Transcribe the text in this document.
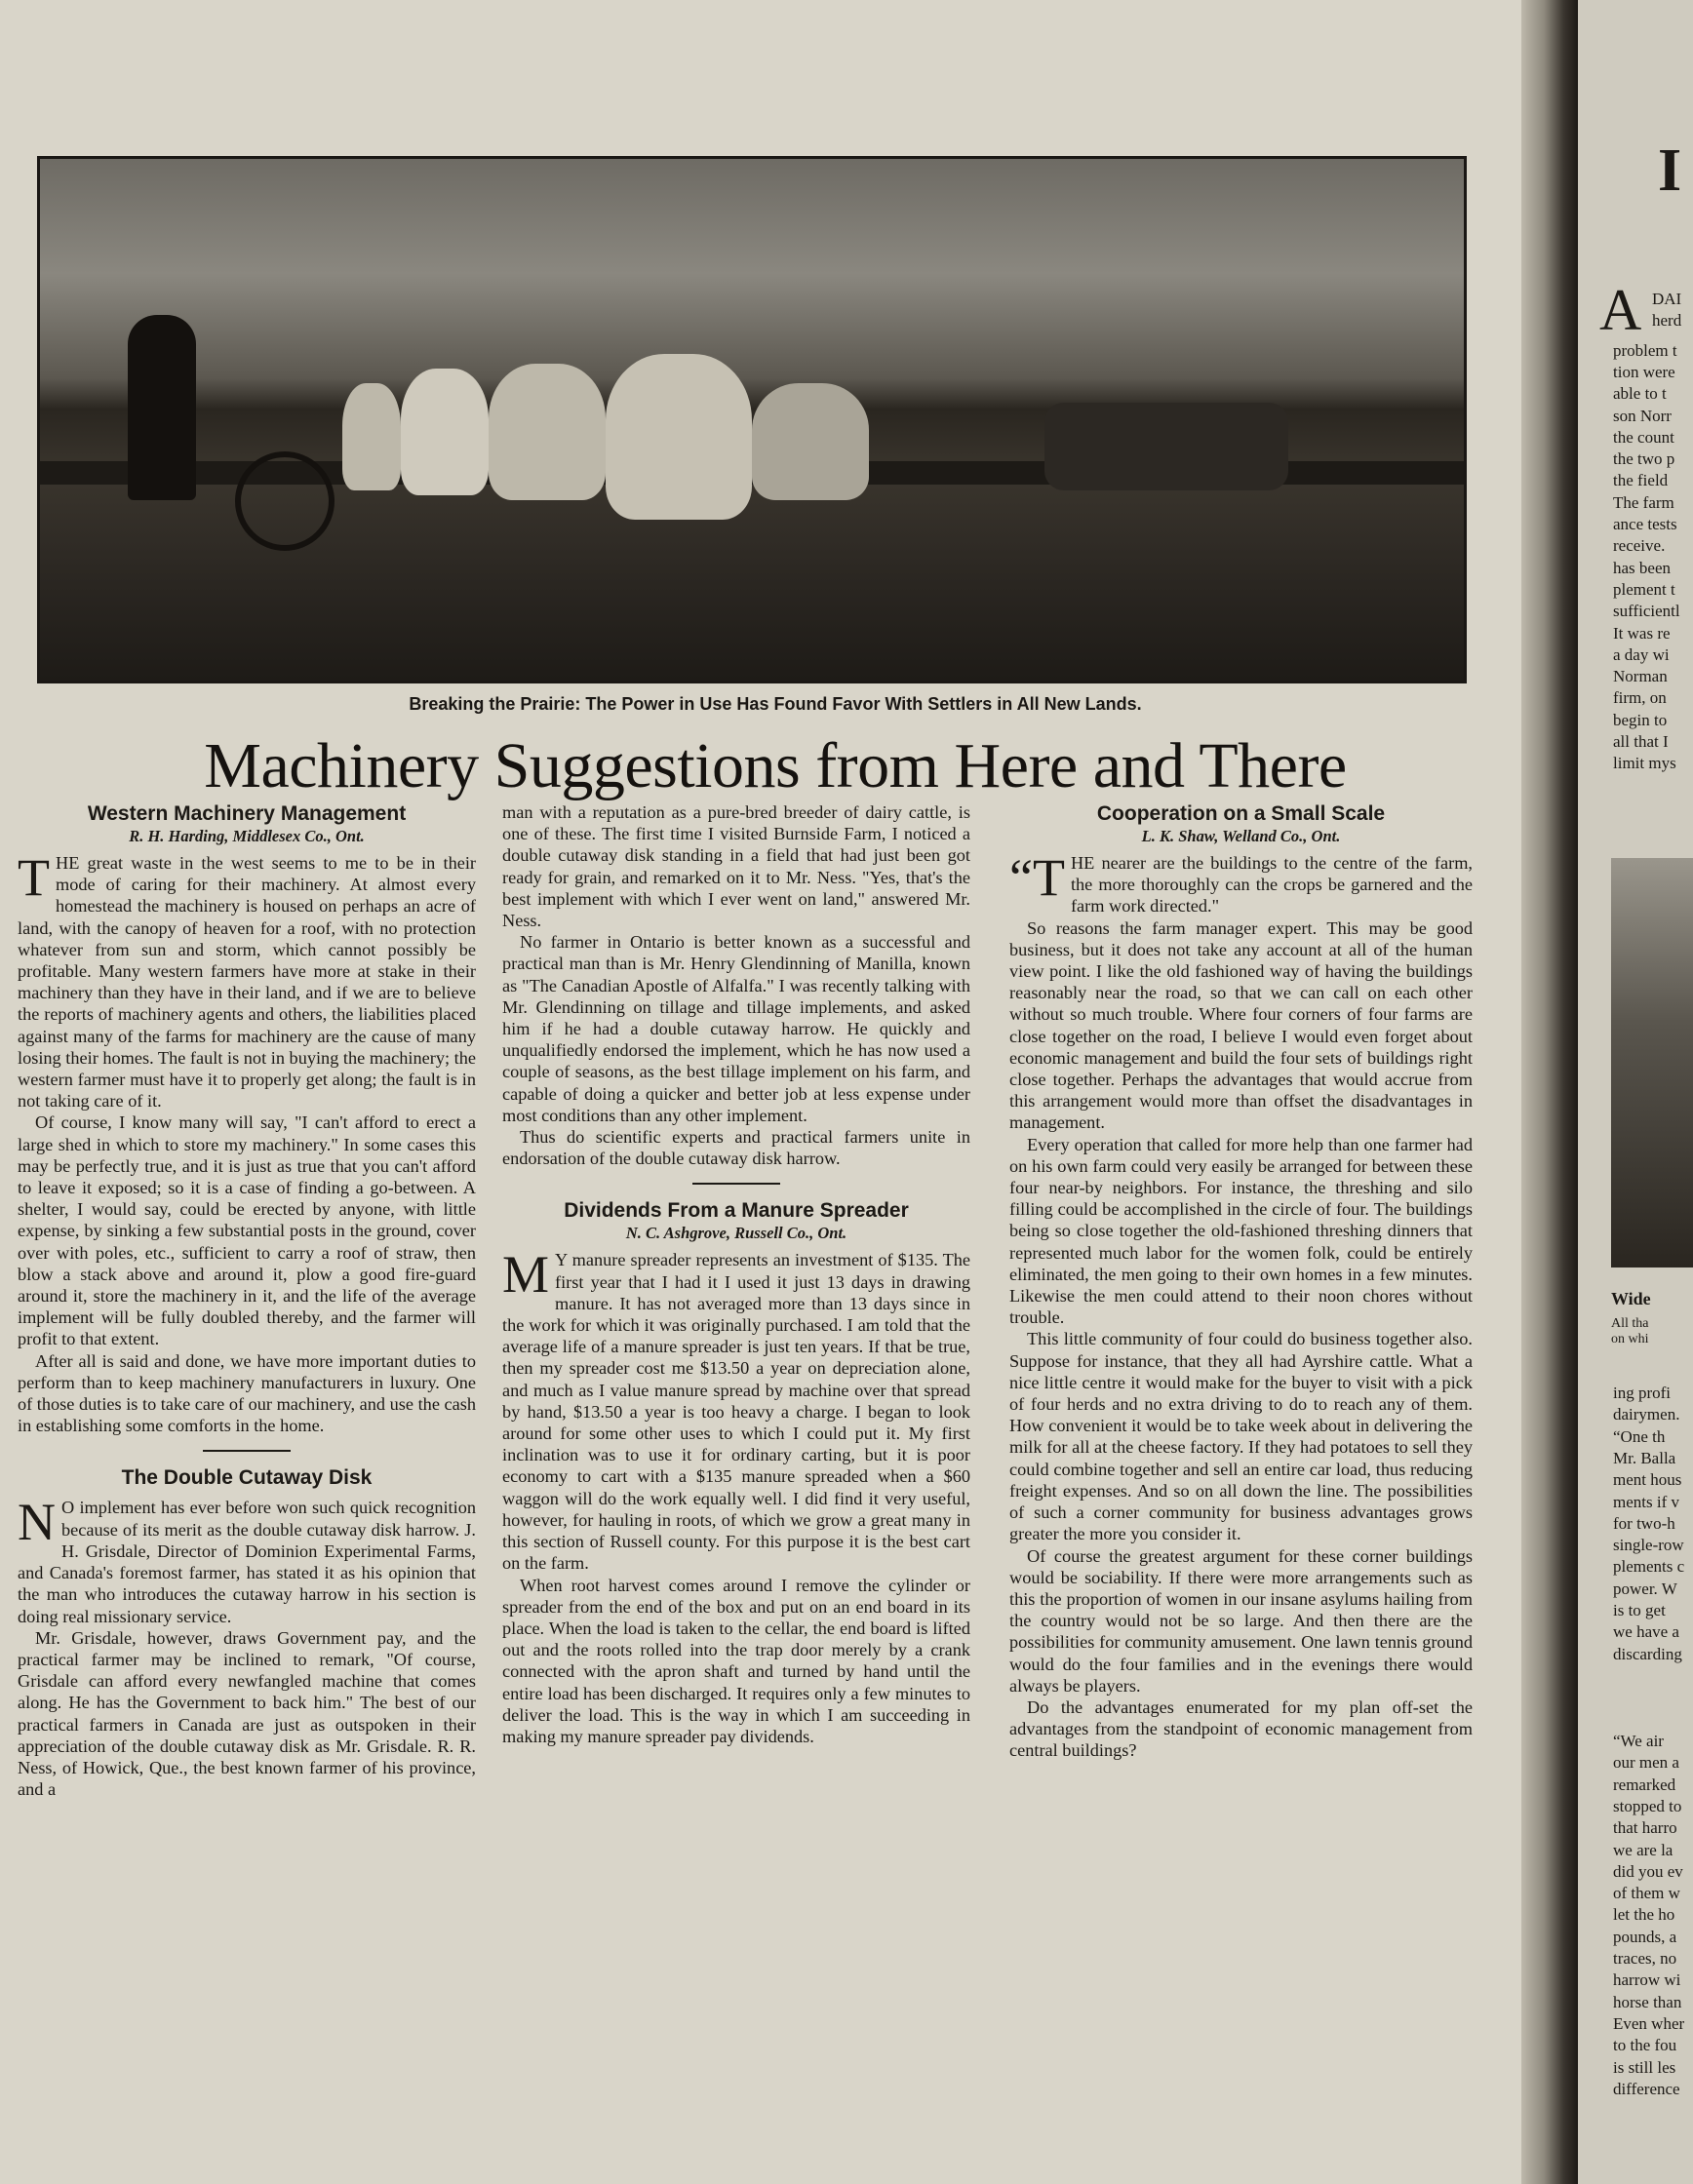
Breaking the Prairie: The Power in Use Has Found Favor With Settlers in All New Lands.
Machinery Suggestions from Here and There
Western Machinery Management
R. H. Harding, Middlesex Co., Ont.

THE great waste in the west seems to me to be in their mode of caring for their machinery. At almost every homestead the machinery is housed on perhaps an acre of land, with the canopy of heaven for a roof, with no protection whatever from sun and storm, which cannot possibly be profitable. Many western farmers have more at stake in their machinery than they have in their land, and if we are to believe the reports of machinery agents and others, the liabilities placed against many of the farms for machinery are the cause of many losing their homes. The fault is not in buying the machinery; the western farmer must have it to properly get along; the fault is in not taking care of it.

Of course, I know many will say, "I can't afford to erect a large shed in which to store my machinery." In some cases this may be perfectly true, and it is just as true that you can't afford to leave it exposed; so it is a case of finding a go-between. A shelter, I would say, could be erected by anyone, with little expense, by sinking a few substantial posts in the ground, cover over with poles, etc., sufficient to carry a roof of straw, then blow a stack above and around it, plow a good fire-guard around it, store the machinery in it, and the life of the average implement will be fully doubled thereby, and the farmer will profit to that extent.

After all is said and done, we have more important duties to perform than to keep machinery manufacturers in luxury. One of those duties is to take care of our machinery, and use the cash in establishing some comforts in the home.

The Double Cutaway Disk

N O implement has ever before won such quick recognition because of its merit as the double cutaway disk harrow. J. H. Grisdale, Director of Dominion Experimental Farms, and Canada's foremost farmer, has stated it as his opinion that the man who introduces the cutaway harrow in his section is doing real missionary service.

Mr. Grisdale, however, draws Government pay, and the practical farmer may be inclined to remark, "Of course, Grisdale can afford every newfangled machine that comes along. He has the Government to back him." The best of our practical farmers in Canada are just as outspoken in their appreciation of the double cutaway disk as Mr. Grisdale. R. R. Ness, of Howick, Que., the best known farmer of his province, and a

man with a reputation as a pure-bred breeder of dairy cattle, is one of these. The first time I visited Burnside Farm, I noticed a double cutaway disk standing in a field that had just been got ready for grain, and remarked on it to Mr. Ness. "Yes, that's the best implement with which I ever went on land," answered Mr. Ness.

No farmer in Ontario is better known as a successful and practical man than is Mr. Henry Glendinning of Manilla, known as "The Canadian Apostle of Alfalfa." I was recently talking with Mr. Glendinning on tillage and tillage implements, and asked him if he had a double cutaway harrow. He quickly and unqualifiedly endorsed the implement, which he has now used a couple of seasons, as the best tillage implement on his farm, and capable of doing a quicker and better job at less expense under most conditions than any other implement.

Thus do scientific experts and practical farmers unite in endorsation of the double cutaway disk harrow.

Dividends From a Manure Spreader
N. C. Ashgrove, Russell Co., Ont.

M Y manure spreader represents an investment of $135. The first year that I had it I used it just 13 days in drawing manure. It has not averaged more than 13 days since in the work for which it was originally purchased. I am told that the average life of a manure spreader is just ten years. If that be true, then my spreader cost me $13.50 a year on depreciation alone, and much as I value manure spread by machine over that spread by hand, $13.50 a year is too heavy a charge. I began to look around for some other uses to which I could put it. My first inclination was to use it for ordinary carting, but it is poor economy to cart with a $135 manure spreaded when a $60 waggon will do the work equally well. I did find it very useful, however, for hauling in roots, of which we grow a great many in this section of Russell county. For this purpose it is the best cart on the farm.

When root harvest comes around I remove the cylinder or spreader from the end of the box and put on an end board in its place. When the load is taken to the cellar, the end board is lifted out and the roots rolled into the trap door merely by a crank connected with the apron shaft and turned by hand until the entire load has been discharged. It requires only a few minutes to deliver the load. This is the way in which I am succeeding in making my manure spreader pay dividends.

Cooperation on a Small Scale
L. K. Shaw, Welland Co., Ont.

“THE nearer are the buildings to the centre of the farm, the more thoroughly can the crops be garnered and the farm work directed."

So reasons the farm manager expert. This may be good business, but it does not take any account at all of the human view point. I like the old fashioned way of having the buildings reasonably near the road, so that we can call on each other without so much trouble. Where four corners of four farms are close together on the road, I believe I would even forget about economic management and build the four sets of buildings right close together. Perhaps the advantages that would accrue from this arrangement would more than offset the disadvantages in management.

Every operation that called for more help than one farmer had on his own farm could very easily be arranged for between these four near-by neighbors. For instance, the threshing and silo filling could be accomplished in the circle of four. The buildings being so close together the old-fashioned threshing dinners that represented much labor for the women folk, could be entirely eliminated, the men going to their own homes in a few minutes. Likewise the men could attend to their noon chores without trouble.

This little community of four could do business together also. Suppose for instance, that they all had Ayrshire cattle. What a nice little centre it would make for the buyer to visit with a pick of four herds and no extra driving to do to reach any of them. How convenient it would be to take week about in delivering the milk for all at the cheese factory. If they had potatoes to sell they could combine together and sell an entire car load, thus reducing freight expenses. And so on all down the line. The possibilities of such a corner community for business advantages grows greater the more you consider it.

Of course the greatest argument for these corner buildings would be sociability. If there were more arrangements such as this the proportion of women in our insane asylums hailing from the country would not be so large. And then there are the possibilities for community amusement. One lawn tennis ground would do the four families and in the evenings there would always be players.

Do the advantages enumerated for my plan off-set the advantages from the standpoint of economic management from central buildings?

I
A DAI
herd
problem t
tion were
able to t
son Norr
the count
the two p
the field
The farm
ance tests
receive.
has been
plement t
sufficientl
It was re
a day wi
Norman
firm, on
begin to
all that I
limit mys
ing profi
dairymen.
“One th
Mr. Balla
ment hous
ments if v
for two-h
single-row
plements c
power. W
is to get
we have a
discarding
“We air
our men a
remarked
stopped to
that harro
we are la
did you ev
of them w
let the ho
pounds, a
traces, no
harrow wi
horse than
Even wher
to the fou
is still les
difference
Wide
All tha
on whi
